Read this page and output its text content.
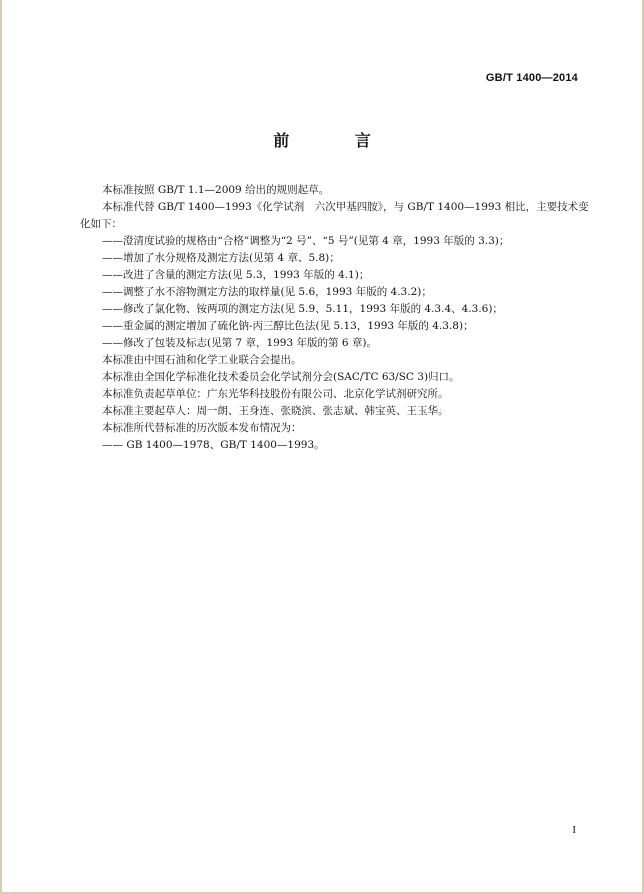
GB/T 1400—2014
前 言

本标准按照 GB/T 1.1—2009 给出的规则起草。

本标准代替 GB/T 1400—1993《化学试剂　六次甲基四胺》，与 GB/T 1400—1993 相比，主要技术变化如下：

——澄清度试验的规格由“合格”调整为“2 号”、“5 号”(见第 4 章，1993 年版的 3.3)；

——增加了水分规格及测定方法(见第 4 章、5.8)；

——改进了含量的测定方法(见 5.3，1993 年版的 4.1)；

——调整了水不溶物测定方法的取样量(见 5.6，1993 年版的 4.3.2)；

——修改了氯化物、铵两项的测定方法(见 5.9、5.11，1993 年版的 4.3.4、4.3.6)；

——重金属的测定增加了硫化钠-丙三醇比色法(见 5.13，1993 年版的 4.3.8)；

——修改了包装及标志(见第 7 章，1993 年版的第 6 章)。

本标准由中国石油和化学工业联合会提出。

本标准由全国化学标准化技术委员会化学试剂分会(SAC/TC 63/SC 3)归口。

本标准负责起草单位：广东光华科技股份有限公司、北京化学试剂研究所。

本标准主要起草人：周一朗、王身连、张晓滨、张志斌、韩宝英、王玉华。

本标准所代替标准的历次版本发布情况为：

—— GB 1400—1978、GB/T 1400—1993。

I
